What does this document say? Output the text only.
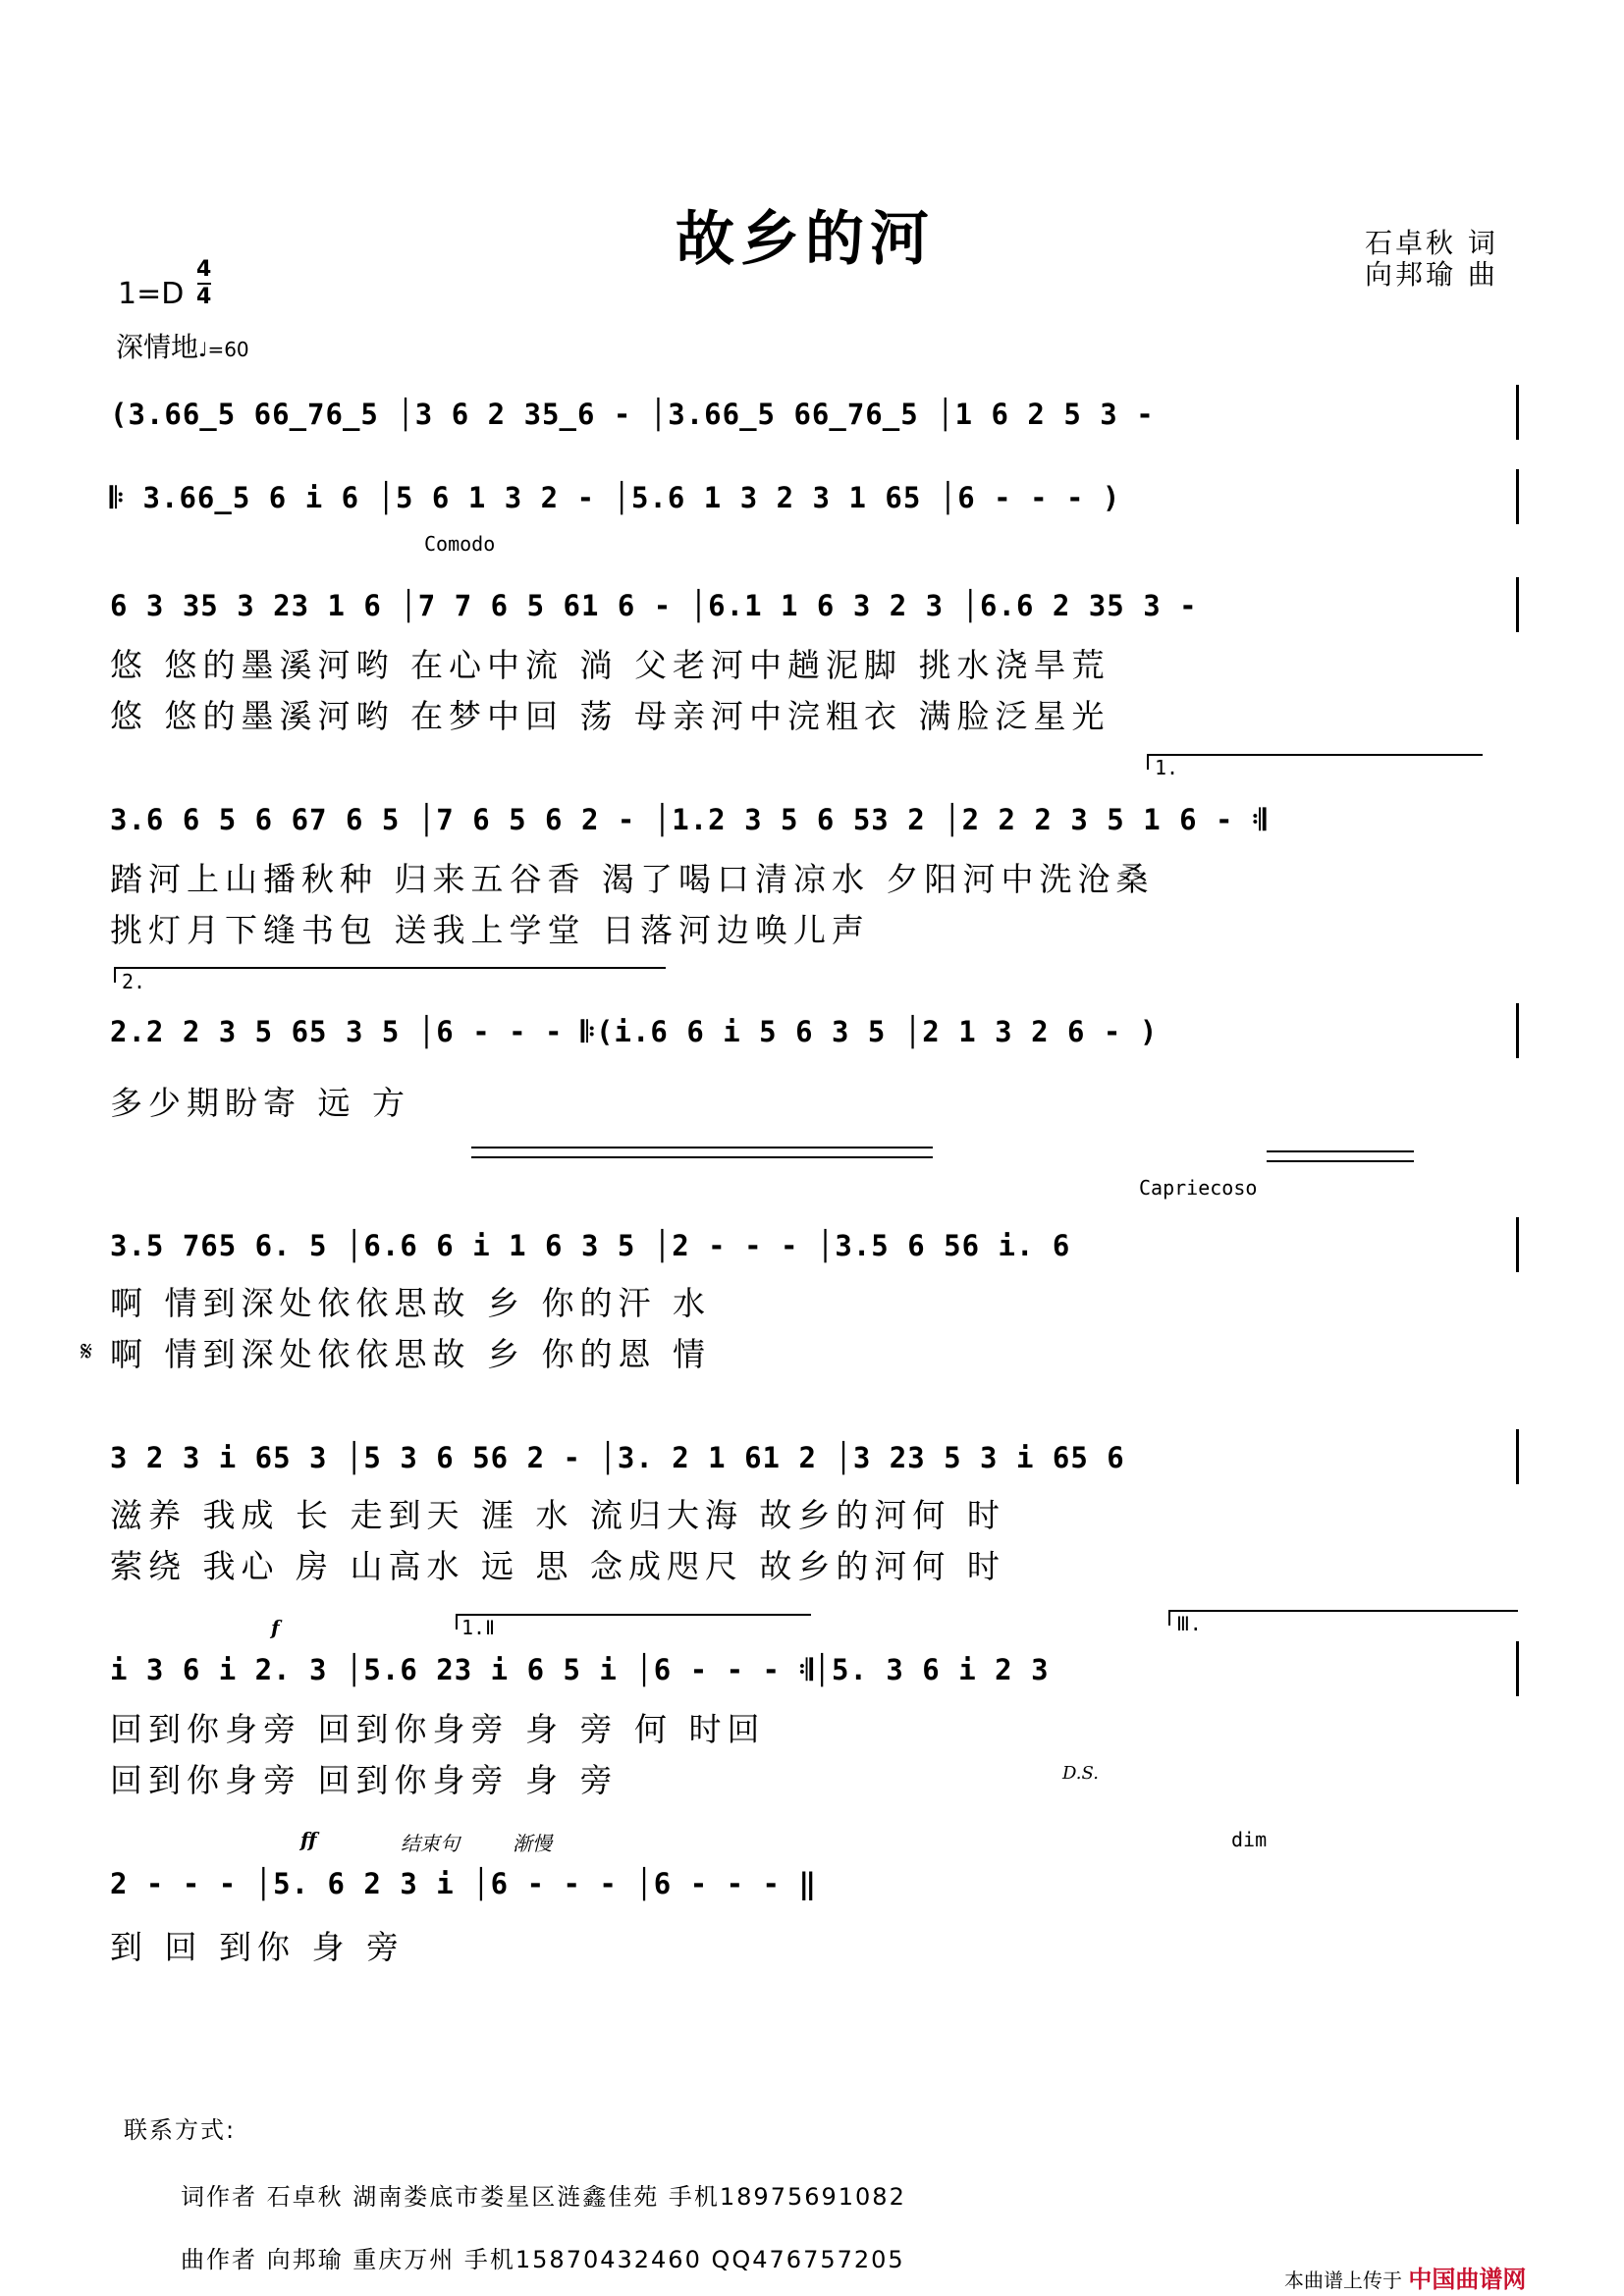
故乡的河	石卓秋 词
向邦瑜 曲
1=D
4
4
深情地♩=60
(3.66̲5 66̲76̲5 │3 6 2 35̲6 - │3.66̲5 66̲76̲5 │1 6 2 5 3 -
𝄆 3.66̲5 6 i 6 │5 6 1 3 2 - │5.6 1 3 2 3 1 65 │6 - - - )
Comodo
6 3 35 3 23 1 6 │7 7 6 5 61 6 - │6.1 1 6 3 2 3 │6.6 2 35 3 -
悠 悠的墨溪河哟 在心中流 淌 父老河中趟泥脚 挑水浇旱荒
悠 悠的墨溪河哟 在梦中回 荡 母亲河中浣粗衣 满脸泛星光
1.
3.6 6 5 6 67 6 5 │7 6 5 6 2 - │1.2 3 5 6 53 2 │2 2 2 3 5 1 6 - 𝄇
踏河上山播秋种 归来五谷香 渴了喝口清凉水 夕阳河中洗沧桑
挑灯月下缝书包 送我上学堂 日落河边唤儿声
2.
2.2 2 3 5 65 3 5 │6 - - - 𝄆(i.6 6 i 5 6 3 5 │2 1 3 2 6 - )
多少期盼寄 远 方
Capriecoso
3.5 765 6. 5 │6.6 6 i 1 6 3 5 │2 - - - │3.5 6 56 i. 6
啊 情到深处依依思故 乡 你的汗 水
𝄋 啊 情到深处依依思故 乡 你的恩 情
3 2 3 i 65 3 │5 3 6 56 2 - │3. 2 1 61 2 │3 23 5 3 i 65 6
滋养 我成 长 走到天 涯 水 流归大海 故乡的河何 时
萦绕 我心 房 山高水 远 思 念成咫尺 故乡的河何 时
f	1.Ⅱ	Ⅲ.
i 3 6 i 2. 3 │5.6 23 i 6 5 i │6 - - - 𝄇│5. 3 6 i 2 3
回到你身旁 回到你身旁 身 旁 何 时回
回到你身旁 回到你身旁 身 旁	D.S.
ff	结束句	渐慢	dim
2 - - - │5. 6 2 3 i │6 - - - │6 - - - ‖
到 回 到你 身 旁
联系方式:
词作者 石卓秋 湖南娄底市娄星区涟鑫佳苑 手机18975691082
曲作者 向邦瑜 重庆万州 手机15870432460 QQ476757205
本曲谱上传于 中国曲谱网
